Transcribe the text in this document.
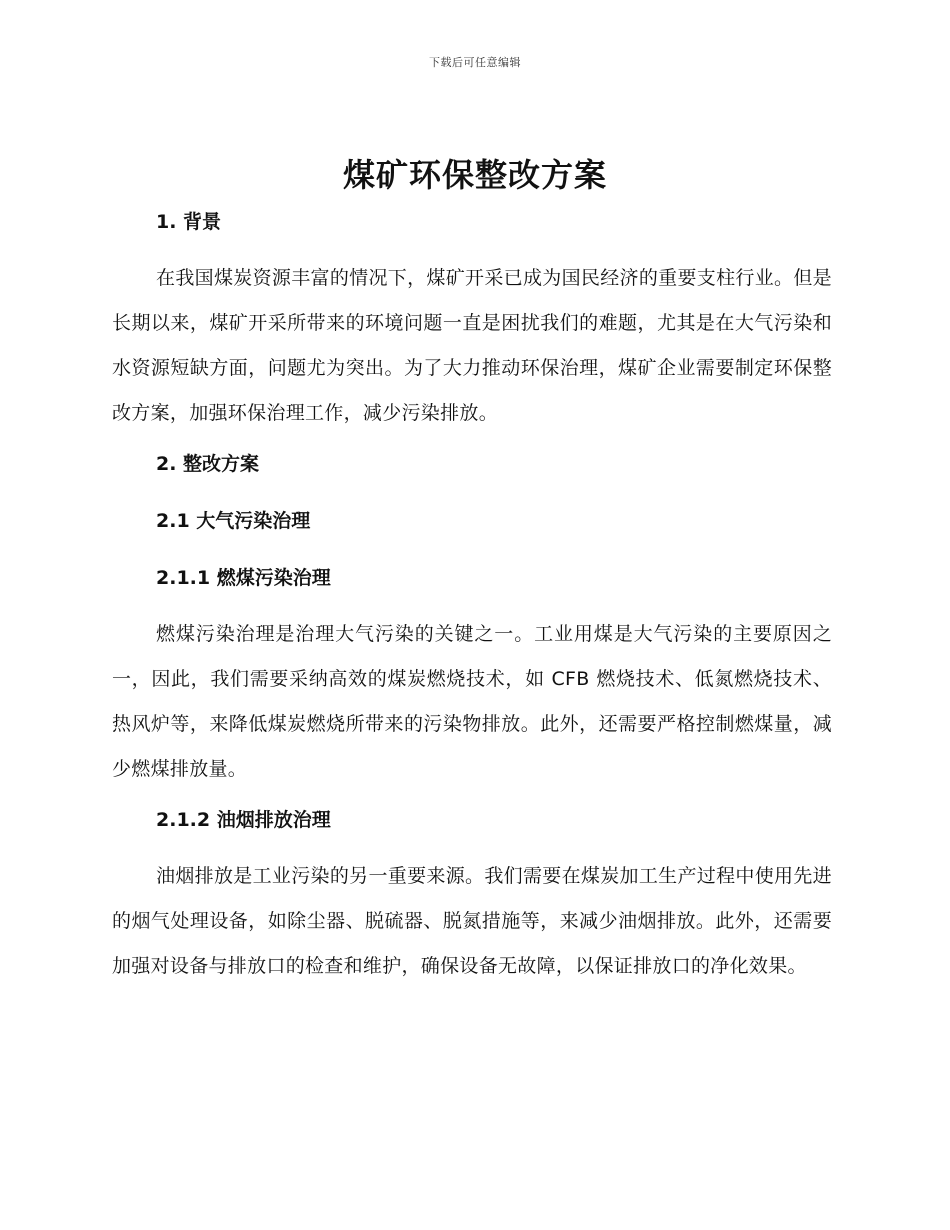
下载后可任意编辑
煤矿环保整改方案
1. 背景

在我国煤炭资源丰富的情况下，煤矿开采已成为国民经济的重要支柱行业。但是长期以来，煤矿开采所带来的环境问题一直是困扰我们的难题，尤其是在大气污染和水资源短缺方面，问题尤为突出。为了大力推动环保治理，煤矿企业需要制定环保整改方案，加强环保治理工作，减少污染排放。

2. 整改方案
2.1 大气污染治理
2.1.1 燃煤污染治理

燃煤污染治理是治理大气污染的关键之一。工业用煤是大气污染的主要原因之一，因此，我们需要采纳高效的煤炭燃烧技术，如 CFB 燃烧技术、低氮燃烧技术、热风炉等，来降低煤炭燃烧所带来的污染物排放。此外，还需要严格控制燃煤量，减少燃煤排放量。

2.1.2 油烟排放治理

油烟排放是工业污染的另一重要来源。我们需要在煤炭加工生产过程中使用先进的烟气处理设备，如除尘器、脱硫器、脱氮措施等，来减少油烟排放。此外，还需要加强对设备与排放口的检查和维护，确保设备无故障，以保证排放口的净化效果。
